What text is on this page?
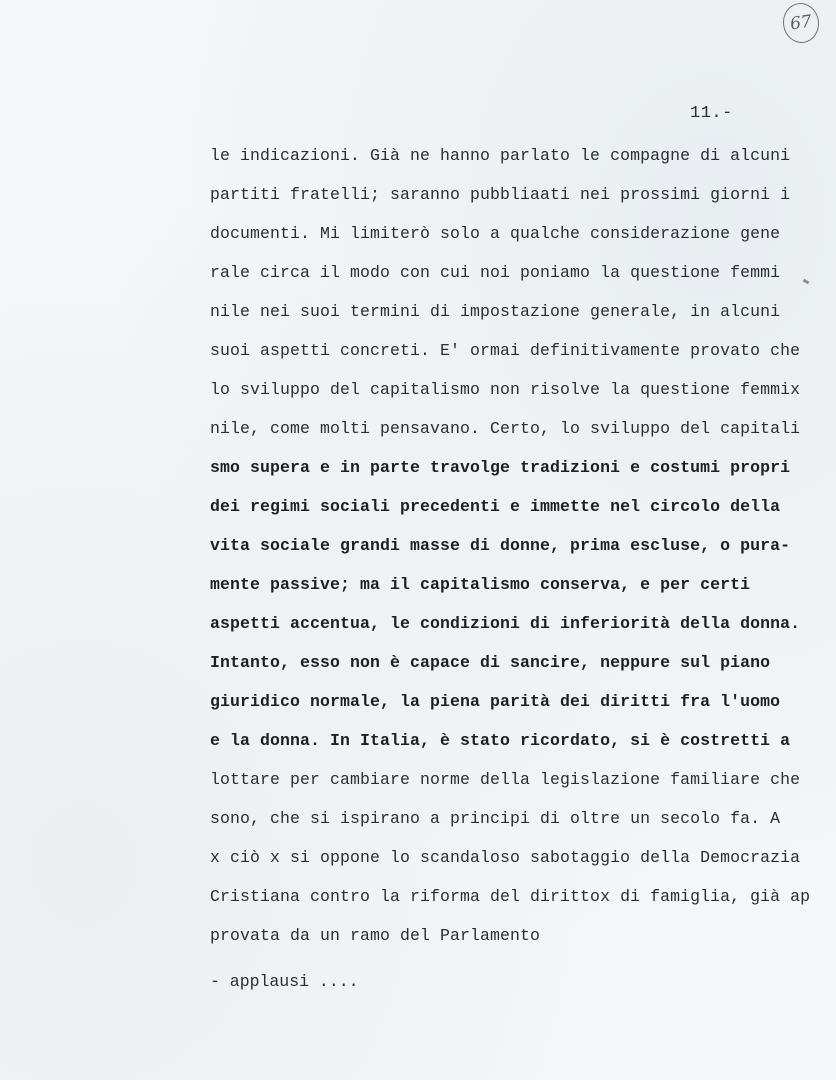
67
11.-
le indicazioni. Già ne hanno parlato le compagne di alcuni
partiti fratelli; saranno pubbliaati nei prossimi giorni i
documenti. Mi limiterò solo a qualche considerazione gene
rale circa il modo con cui noi poniamo la questione femmi
nile nei suoi termini di impostazione generale, in alcuni
suoi aspetti concreti. E' ormai definitivamente provato che
lo sviluppo del capitalismo non risolve la questione femmix
nile, come molti pensavano. Certo, lo sviluppo del capitali
smo supera e in parte travolge tradizioni e costumi propri
dei regimi sociali precedenti e immette nel circolo della
vita sociale grandi masse di donne, prima escluse, o pura-
mente passive; ma il capitalismo conserva, e per certi
aspetti accentua, le condizioni di inferiorità della donna.
Intanto, esso non è capace di sancire, neppure sul piano
giuridico normale, la piena parità dei diritti fra l'uomo
e la donna. In Italia, è stato ricordato, si è costretti a
lottare per cambiare norme della legislazione familiare che
sono, che si ispirano a principi di oltre un secolo fa. A
x ciò x si oppone lo scandaloso sabotaggio della Democrazia
Cristiana contro la riforma del dirittox di famiglia, già ap
provata da un ramo del Parlamento
- applausi ....
